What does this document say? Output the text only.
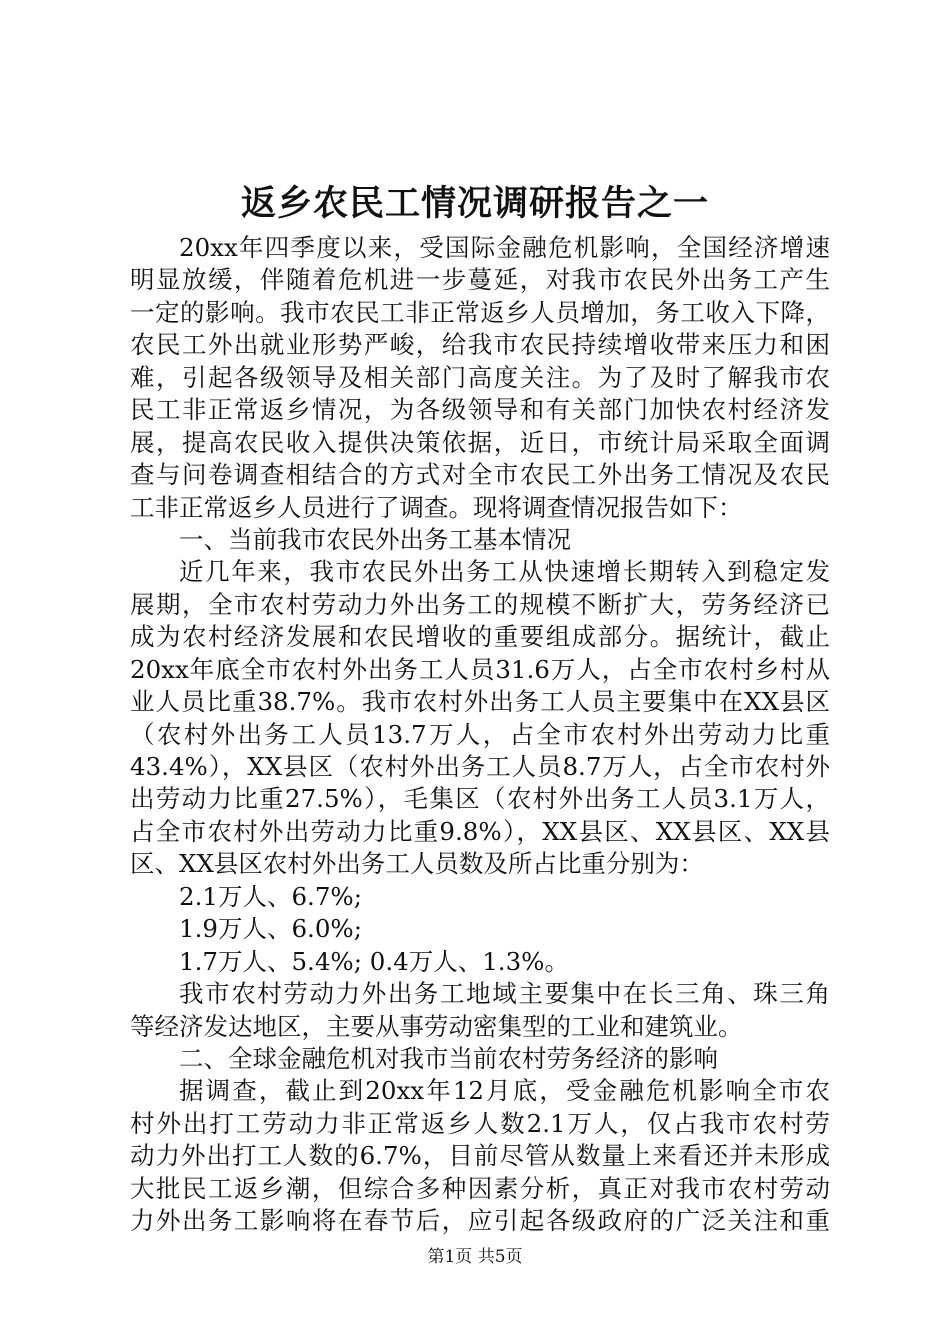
返乡农民工情况调研报告之一
20xx年四季度以来，受国际金融危机影响，全国经济增速
明显放缓，伴随着危机进一步蔓延，对我市农民外出务工产生
一定的影响。我市农民工非正常返乡人员增加，务工收入下降，
农民工外出就业形势严峻，给我市农民持续增收带来压力和困
难，引起各级领导及相关部门高度关注。为了及时了解我市农
民工非正常返乡情况，为各级领导和有关部门加快农村经济发
展，提高农民收入提供决策依据，近日，市统计局采取全面调
查与问卷调查相结合的方式对全市农民工外出务工情况及农民
工非正常返乡人员进行了调查。现将调查情况报告如下：
一、当前我市农民外出务工基本情况
近几年来，我市农民外出务工从快速增长期转入到稳定发
展期，全市农村劳动力外出务工的规模不断扩大，劳务经济已
成为农村经济发展和农民增收的重要组成部分。据统计，截止
20xx年底全市农村外出务工人员31.6万人，占全市农村乡村从
业人员比重38.7%。我市农村外出务工人员主要集中在XX县区
（农村外出务工人员13.7万人，占全市农村外出劳动力比重
43.4%），XX县区（农村外出务工人员8.7万人，占全市农村外
出劳动力比重27.5%），毛集区（农村外出务工人员3.1万人，
占全市农村外出劳动力比重9.8%），XX县区、XX县区、XX县
区、XX县区农村外出务工人员数及所占比重分别为：
2.1万人、6.7%;
1.9万人、6.0%;
1.7万人、5.4%; 0.4万人、1.3%。
我市农村劳动力外出务工地域主要集中在长三角、珠三角
等经济发达地区，主要从事劳动密集型的工业和建筑业。
二、全球金融危机对我市当前农村劳务经济的影响
据调查，截止到20xx年12月底，受金融危机影响全市农
村外出打工劳动力非正常返乡人数2.1万人，仅占我市农村劳
动力外出打工人数的6.7%，目前尽管从数量上来看还并未形成
大批民工返乡潮，但综合多种因素分析，真正对我市农村劳动
力外出务工影响将在春节后，应引起各级政府的广泛关注和重
第1页 共5页
